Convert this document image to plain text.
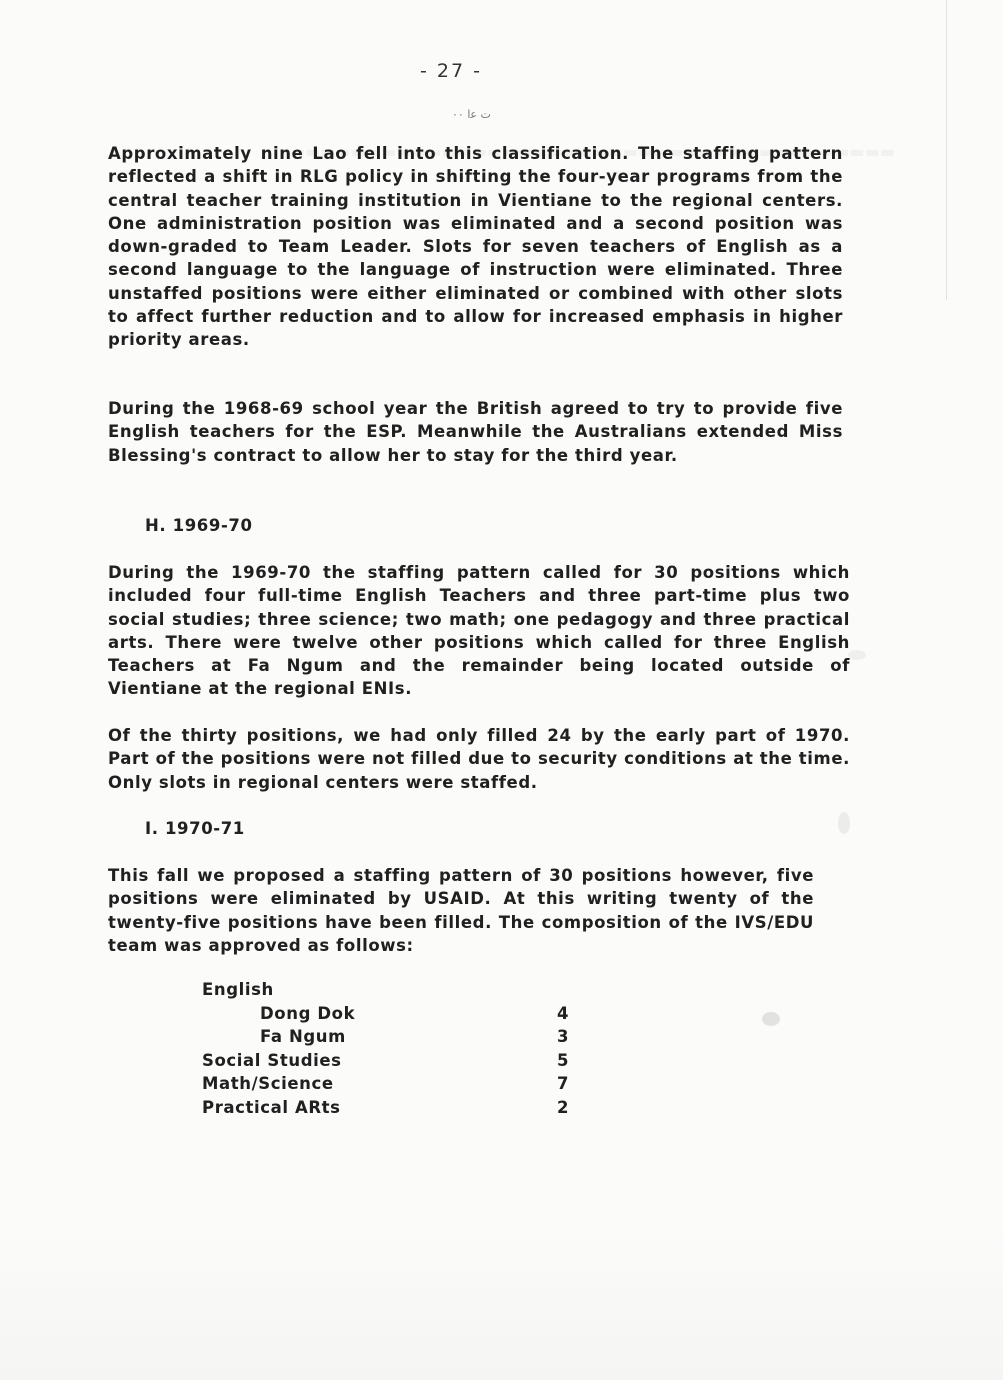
- 27 -
ت ﻋا ۰۰
Approximately nine Lao fell into this classification. The staffing pattern reflected a shift in RLG policy in shifting the four-year programs from the central teacher training institution in Vientiane to the regional centers. One administration position was eliminated and a second position was down-graded to Team Leader. Slots for seven teachers of English as a second language to the language of instruction were eliminated. Three unstaffed positions were either eliminated or combined with other slots to affect further reduction and to allow for increased emphasis in higher priority areas.
During the 1968-69 school year the British agreed to try to provide five English teachers for the ESP. Meanwhile the Australians extended Miss Blessing's contract to allow her to stay for the third year.
H. 1969-70
During the 1969-70 the staffing pattern called for 30 positions which included four full-time English Teachers and three part-time plus two social studies; three science; two math; one pedagogy and three practical arts. There were twelve other positions which called for three English Teachers at Fa Ngum and the remainder being located outside of Vientiane at the regional ENIs.
Of the thirty positions, we had only filled 24 by the early part of 1970. Part of the positions were not filled due to security conditions at the time. Only slots in regional centers were staffed.
I. 1970-71
This fall we proposed a staffing pattern of 30 positions however, five positions were eliminated by USAID. At this writing twenty of the twenty-five positions have been filled. The composition of the IVS/EDU team was approved as follows:
English
Dong Dok	4
Fa Ngum	3
Social Studies	5
Math/Science	7
Practical ARts	2
